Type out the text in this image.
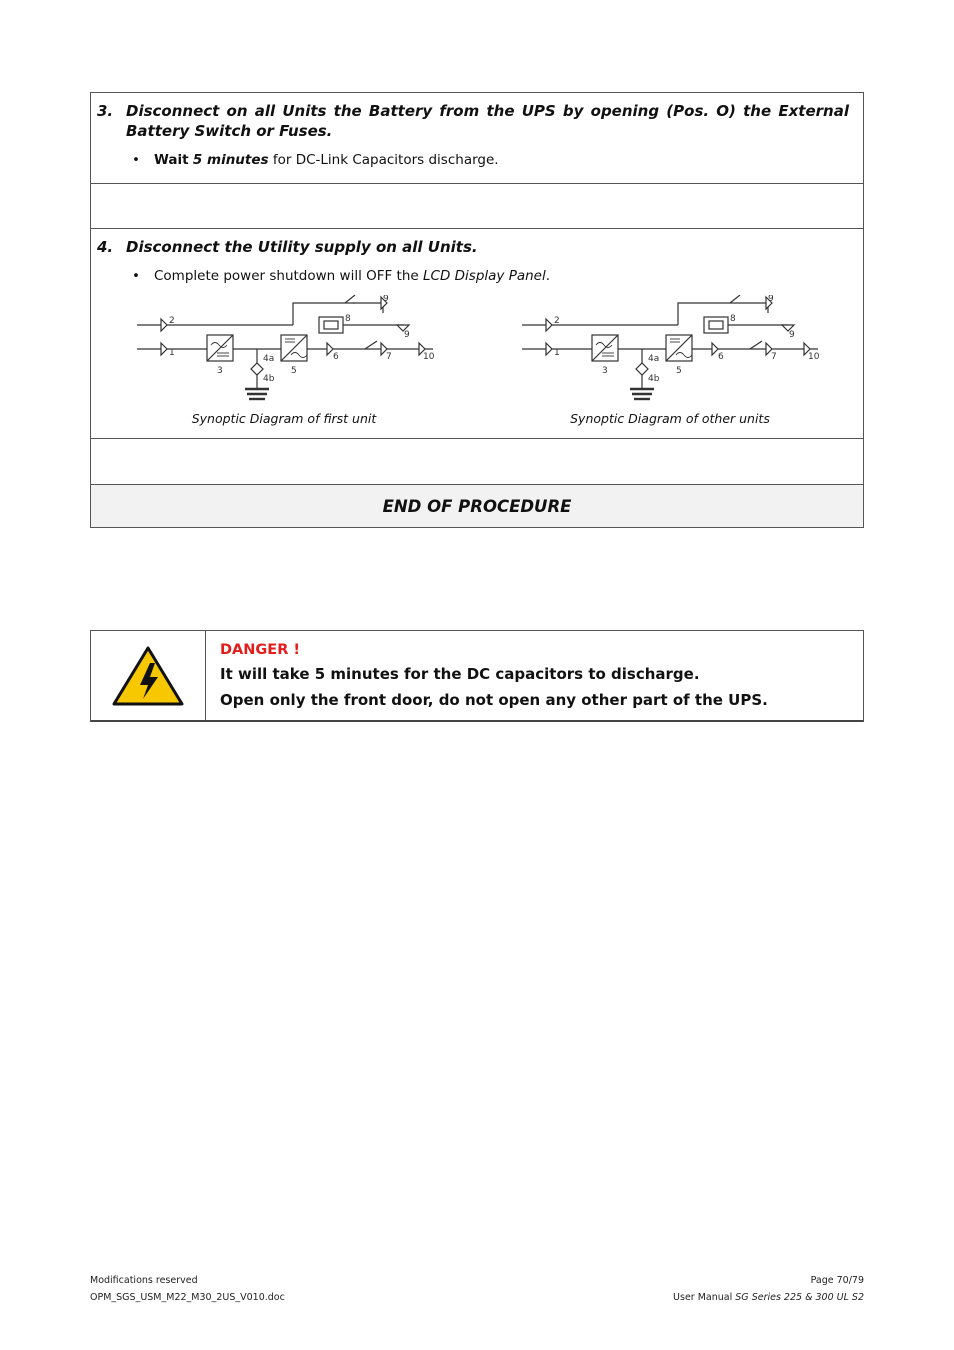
3. Disconnect on all Units the Battery from the UPS by opening (Pos. O) the External Battery Switch or Fuses.
•	Wait 5 minutes for DC-Link Capacitors discharge.
4. Disconnect the Utility supply on all Units.
•	Complete power shutdown will OFF the LCD Display Panel.
1
2
3
4a
4b
5
6	7
8
9
9
10
Synoptic Diagram of first unit
1
2
3
4a
4b
5
6	7
8
9
9
10
Synoptic Diagram of other units
END OF PROCEDURE
DANGER !
It will take 5 minutes for the DC capacitors to discharge.
Open only the front door, do not open any other part of the UPS.
Modifications reserved	Page 70/79
OPM_SGS_USM_M22_M30_2US_V010.doc	User Manual SG Series 225 & 300 UL S2
